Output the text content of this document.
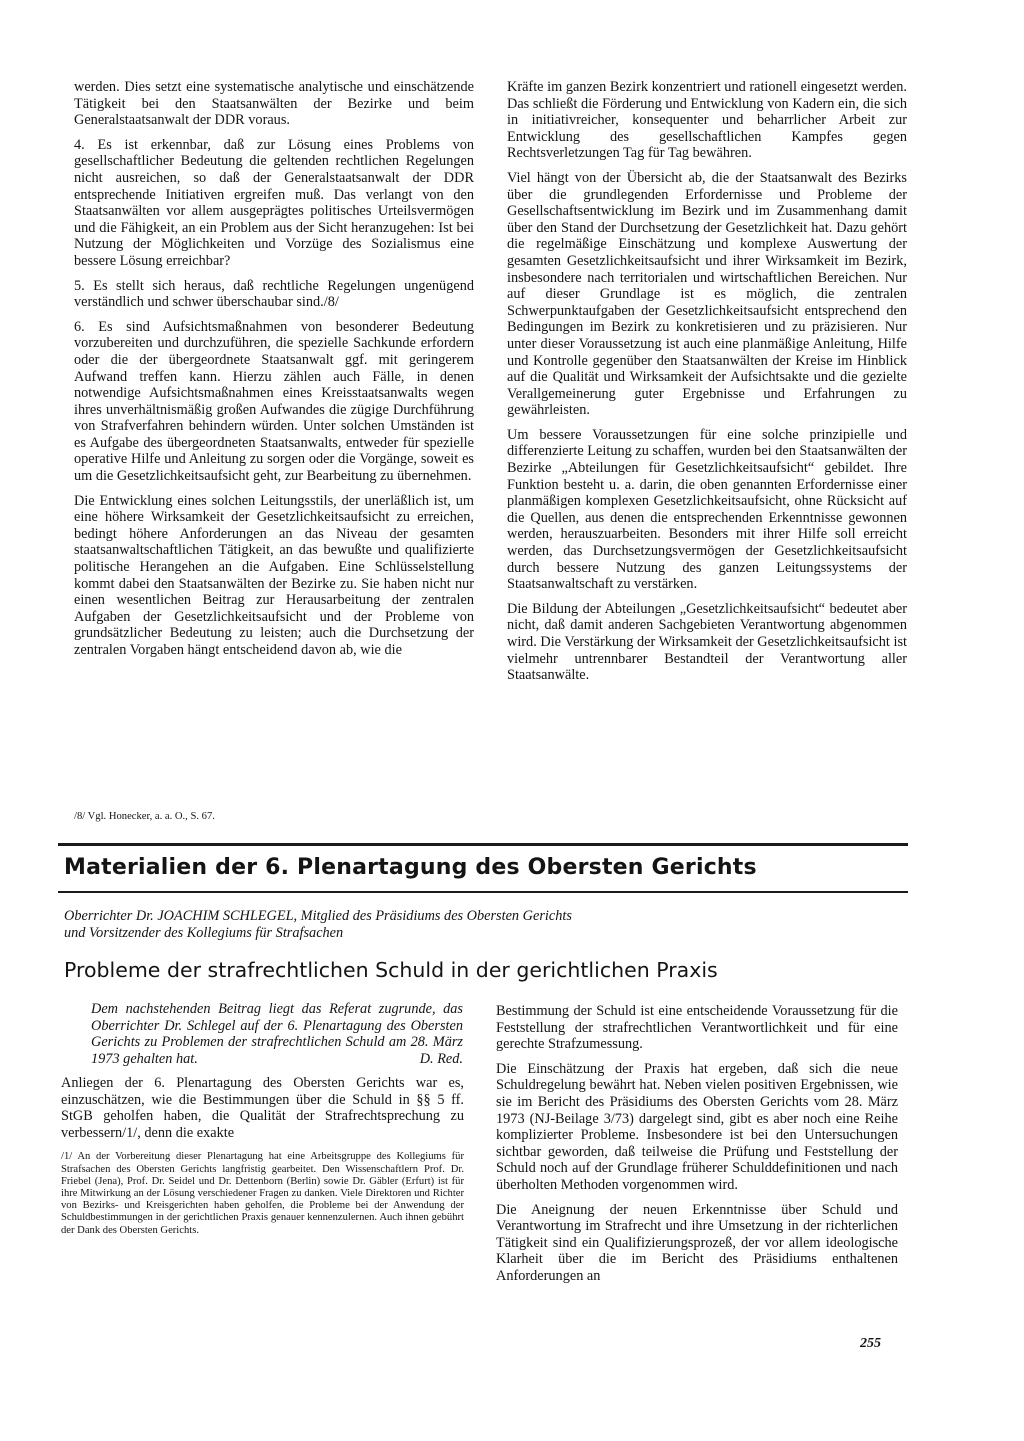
werden. Dies setzt eine systematische analytische und einschätzende Tätigkeit bei den Staatsanwälten der Bezirke und beim Generalstaatsanwalt der DDR voraus.

4. Es ist erkennbar, daß zur Lösung eines Problems von gesellschaftlicher Bedeutung die geltenden rechtlichen Regelungen nicht ausreichen, so daß der Generalstaatsanwalt der DDR entsprechende Initiativen ergreifen muß. Das verlangt von den Staatsanwälten vor allem ausgeprägtes politisches Urteilsvermögen und die Fähigkeit, an ein Problem aus der Sicht heranzugehen: Ist bei Nutzung der Möglichkeiten und Vorzüge des Sozialismus eine bessere Lösung erreichbar?

5. Es stellt sich heraus, daß rechtliche Regelungen ungenügend verständlich und schwer überschaubar sind./8/

6. Es sind Aufsichtsmaßnahmen von besonderer Bedeutung vorzubereiten und durchzuführen, die spezielle Sachkunde erfordern oder die der übergeordnete Staatsanwalt ggf. mit geringerem Aufwand treffen kann. Hierzu zählen auch Fälle, in denen notwendige Aufsichtsmaßnahmen eines Kreisstaatsanwalts wegen ihres unverhältnismäßig großen Aufwandes die zügige Durchführung von Strafverfahren behindern würden. Unter solchen Umständen ist es Aufgabe des übergeordneten Staatsanwalts, entweder für spezielle operative Hilfe und Anleitung zu sorgen oder die Vorgänge, soweit es um die Gesetzlichkeitsaufsicht geht, zur Bearbeitung zu übernehmen.

Die Entwicklung eines solchen Leitungsstils, der unerläßlich ist, um eine höhere Wirksamkeit der Gesetzlichkeitsaufsicht zu erreichen, bedingt höhere Anforderungen an das Niveau der gesamten staatsanwaltschaftlichen Tätigkeit, an das bewußte und qualifizierte politische Herangehen an die Aufgaben. Eine Schlüsselstellung kommt dabei den Staatsanwälten der Bezirke zu. Sie haben nicht nur einen wesentlichen Beitrag zur Herausarbeitung der zentralen Aufgaben der Gesetzlichkeitsaufsicht und der Probleme von grundsätzlicher Bedeutung zu leisten; auch die Durchsetzung der zentralen Vorgaben hängt entscheidend davon ab, wie die

/8/ Vgl. Honecker, a. a. O., S. 67.

Kräfte im ganzen Bezirk konzentriert und rationell eingesetzt werden. Das schließt die Förderung und Entwicklung von Kadern ein, die sich in initiativreicher, konsequenter und beharrlicher Arbeit zur Entwicklung des gesellschaftlichen Kampfes gegen Rechtsverletzungen Tag für Tag bewähren.

Viel hängt von der Übersicht ab, die der Staatsanwalt des Bezirks über die grundlegenden Erfordernisse und Probleme der Gesellschaftsentwicklung im Bezirk und im Zusammenhang damit über den Stand der Durchsetzung der Gesetzlichkeit hat. Dazu gehört die regelmäßige Einschätzung und komplexe Auswertung der gesamten Gesetzlichkeitsaufsicht und ihrer Wirksamkeit im Bezirk, insbesondere nach territorialen und wirtschaftlichen Bereichen. Nur auf dieser Grundlage ist es möglich, die zentralen Schwerpunktaufgaben der Gesetzlichkeitsaufsicht entsprechend den Bedingungen im Bezirk zu konkretisieren und zu präzisieren. Nur unter dieser Voraussetzung ist auch eine planmäßige Anleitung, Hilfe und Kontrolle gegenüber den Staatsanwälten der Kreise im Hinblick auf die Qualität und Wirksamkeit der Aufsichtsakte und die gezielte Verallgemeinerung guter Ergebnisse und Erfahrungen zu gewährleisten.

Um bessere Voraussetzungen für eine solche prinzipielle und differenzierte Leitung zu schaffen, wurden bei den Staatsanwälten der Bezirke „Abteilungen für Gesetzlichkeitsaufsicht“ gebildet. Ihre Funktion besteht u. a. darin, die oben genannten Erfordernisse einer planmäßigen komplexen Gesetzlichkeitsaufsicht, ohne Rücksicht auf die Quellen, aus denen die entsprechenden Erkenntnisse gewonnen werden, herauszuarbeiten. Besonders mit ihrer Hilfe soll erreicht werden, das Durchsetzungsvermögen der Gesetzlichkeitsaufsicht durch bessere Nutzung des ganzen Leitungssystems der Staatsanwaltschaft zu verstärken.

Die Bildung der Abteilungen „Gesetzlichkeitsaufsicht“ bedeutet aber nicht, daß damit anderen Sachgebieten Verantwortung abgenommen wird. Die Verstärkung der Wirksamkeit der Gesetzlichkeitsaufsicht ist vielmehr untrennbarer Bestandteil der Verantwortung aller Staatsanwälte.

Materialien der 6. Plenartagung des Obersten Gerichts

Oberrichter Dr. JOACHIM SCHLEGEL, Mitglied des Präsidiums des Obersten Gerichts
und Vorsitzender des Kollegiums für Strafsachen

Probleme der strafrechtlichen Schuld in der gerichtlichen Praxis

Dem nachstehenden Beitrag liegt das Referat zugrunde, das Oberrichter Dr. Schlegel auf der 6. Plenartagung des Obersten Gerichts zu Problemen der strafrechtlichen Schuld am 28. März 1973 gehalten hat.	D. Red.

Anliegen der 6. Plenartagung des Obersten Gerichts war es, einzuschätzen, wie die Bestimmungen über die Schuld in §§ 5 ff. StGB geholfen haben, die Qualität der Strafrechtsprechung zu verbessern/1/, denn die exakte

/1/ An der Vorbereitung dieser Plenartagung hat eine Arbeitsgruppe des Kollegiums für Strafsachen des Obersten Gerichts langfristig gearbeitet. Den Wissenschaftlern Prof. Dr. Friebel (Jena), Prof. Dr. Seidel und Dr. Dettenborn (Berlin) sowie Dr. Gäbler (Erfurt) ist für ihre Mitwirkung an der Lösung verschiedener Fragen zu danken. Viele Direktoren und Richter von Bezirks- und Kreisgerichten haben geholfen, die Probleme bei der Anwendung der Schuldbestimmungen in der gerichtlichen Praxis genauer kennenzulernen. Auch ihnen gebührt der Dank des Obersten Gerichts.

Bestimmung der Schuld ist eine entscheidende Voraussetzung für die Feststellung der strafrechtlichen Verantwortlichkeit und für eine gerechte Strafzumessung.

Die Einschätzung der Praxis hat ergeben, daß sich die neue Schuldregelung bewährt hat. Neben vielen positiven Ergebnissen, wie sie im Bericht des Präsidiums des Obersten Gerichts vom 28. März 1973 (NJ-Beilage 3/73) dargelegt sind, gibt es aber noch eine Reihe komplizierter Probleme. Insbesondere ist bei den Untersuchungen sichtbar geworden, daß teilweise die Prüfung und Feststellung der Schuld noch auf der Grundlage früherer Schulddefinitionen und nach überholten Methoden vorgenommen wird.

Die Aneignung der neuen Erkenntnisse über Schuld und Verantwortung im Strafrecht und ihre Umsetzung in der richterlichen Tätigkeit sind ein Qualifizierungsprozeß, der vor allem ideologische Klarheit über die im Bericht des Präsidiums enthaltenen Anforderungen an

255
